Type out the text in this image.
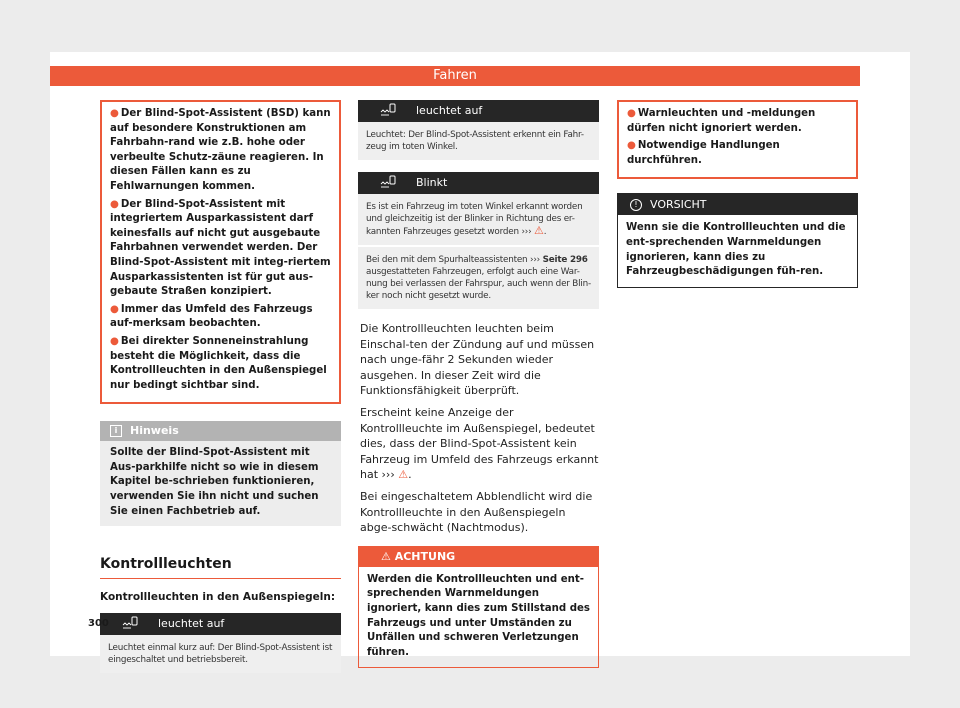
Fahren
● Der Blind-Spot-Assistent (BSD) kann auf besondere Konstruktionen am Fahrbahn-rand wie z.B. hohe oder verbeulte Schutz-zäune reagieren. In diesen Fällen kann es zu Fehlwarnungen kommen.
● Der Blind-Spot-Assistent mit integriertem Ausparkassistent darf keinesfalls auf nicht gut ausgebaute Fahrbahnen verwendet werden. Der Blind-Spot-Assistent mit integ-riertem Ausparkassistenten ist für gut aus-gebaute Straßen konzipiert.
● Immer das Umfeld des Fahrzeugs auf-merksam beobachten.
● Bei direkter Sonneneinstrahlung besteht die Möglichkeit, dass die Kontrollleuchten in den Außenspiegel nur bedingt sichtbar sind.
i Hinweis
Sollte der Blind-Spot-Assistent mit Aus-parkhilfe nicht so wie in diesem Kapitel be-schrieben funktionieren, verwenden Sie ihn nicht und suchen Sie einen Fachbetrieb auf.
Kontrollleuchten
Kontrollleuchten in den Außenspiegeln:
leuchtet auf
Leuchtet einmal kurz auf: Der Blind-Spot-Assistent ist eingeschaltet und betriebsbereit.
leuchtet auf
Leuchtet: Der Blind-Spot-Assistent erkennt ein Fahr-zeug im toten Winkel.
Blinkt
Es ist ein Fahrzeug im toten Winkel erkannt worden und gleichzeitig ist der Blinker in Richtung des er-kannten Fahrzeuges gesetzt worden ››› ⚠.
Bei den mit dem Spurhalteassistenten ››› Seite 296 ausgestatteten Fahrzeugen, erfolgt auch eine War-nung bei verlassen der Fahrspur, auch wenn der Blin-ker noch nicht gesetzt wurde.

Die Kontrollleuchten leuchten beim Einschal-ten der Zündung auf und müssen nach unge-fähr 2 Sekunden wieder ausgehen. In dieser Zeit wird die Funktionsfähigkeit überprüft.

Erscheint keine Anzeige der Kontrollleuchte im Außenspiegel, bedeutet dies, dass der Blind-Spot-Assistent kein Fahrzeug im Umfeld des Fahrzeugs erkannt hat ››› ⚠.

Bei eingeschaltetem Abblendlicht wird die Kontrollleuchte in den Außenspiegeln abge-schwächt (Nachtmodus).

⚠ ACHTUNG
Werden die Kontrollleuchten und ent-sprechenden Warnmeldungen ignoriert, kann dies zum Stillstand des Fahrzeugs und unter Umständen zu Unfällen und schweren Verletzungen führen.
● Warnleuchten und -meldungen dürfen nicht ignoriert werden.
● Notwendige Handlungen durchführen.
! VORSICHT
Wenn sie die Kontrollleuchten und die ent-sprechenden Warnmeldungen ignorieren, kann dies zu Fahrzeugbeschädigungen füh-ren.
300
